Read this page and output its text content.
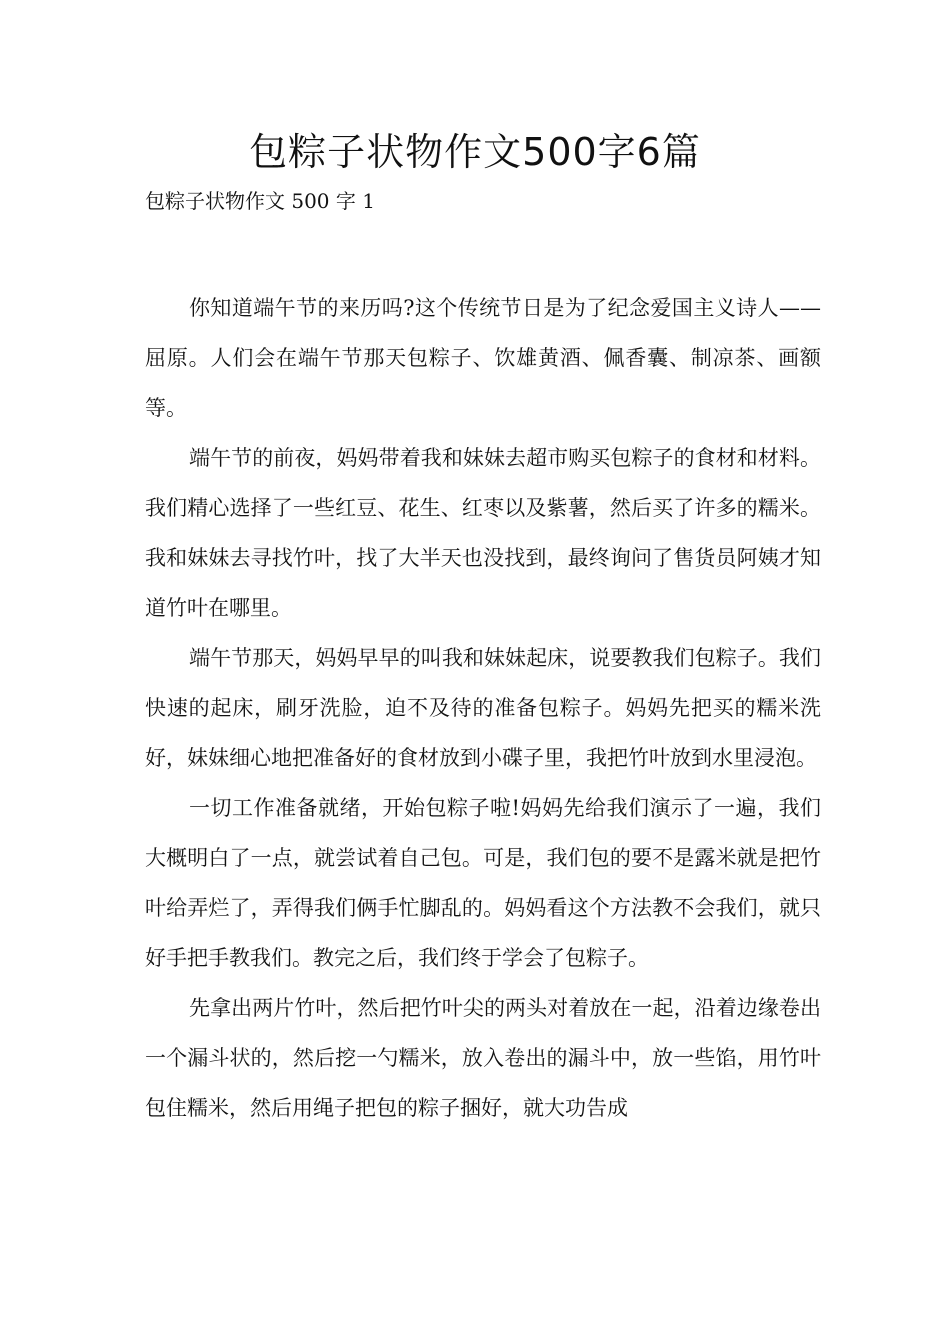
包粽子状物作文500字6篇
包粽子状物作文 500 字 1

你知道端午节的来历吗?这个传统节日是为了纪念爱国主义诗人——屈原。人们会在端午节那天包粽子、饮雄黄酒、佩香囊、制凉茶、画额等。

端午节的前夜，妈妈带着我和妹妹去超市购买包粽子的食材和材料。我们精心选择了一些红豆、花生、红枣以及紫薯，然后买了许多的糯米。我和妹妹去寻找竹叶，找了大半天也没找到，最终询问了售货员阿姨才知道竹叶在哪里。

端午节那天，妈妈早早的叫我和妹妹起床，说要教我们包粽子。我们快速的起床，刷牙洗脸，迫不及待的准备包粽子。妈妈先把买的糯米洗好，妹妹细心地把准备好的食材放到小碟子里，我把竹叶放到水里浸泡。

一切工作准备就绪，开始包粽子啦!妈妈先给我们演示了一遍，我们大概明白了一点，就尝试着自己包。可是，我们包的要不是露米就是把竹叶给弄烂了，弄得我们俩手忙脚乱的。妈妈看这个方法教不会我们，就只好手把手教我们。教完之后，我们终于学会了包粽子。

先拿出两片竹叶，然后把竹叶尖的两头对着放在一起，沿着边缘卷出一个漏斗状的，然后挖一勺糯米，放入卷出的漏斗中，放一些馅，用竹叶包住糯米，然后用绳子把包的粽子捆好，就大功告成
